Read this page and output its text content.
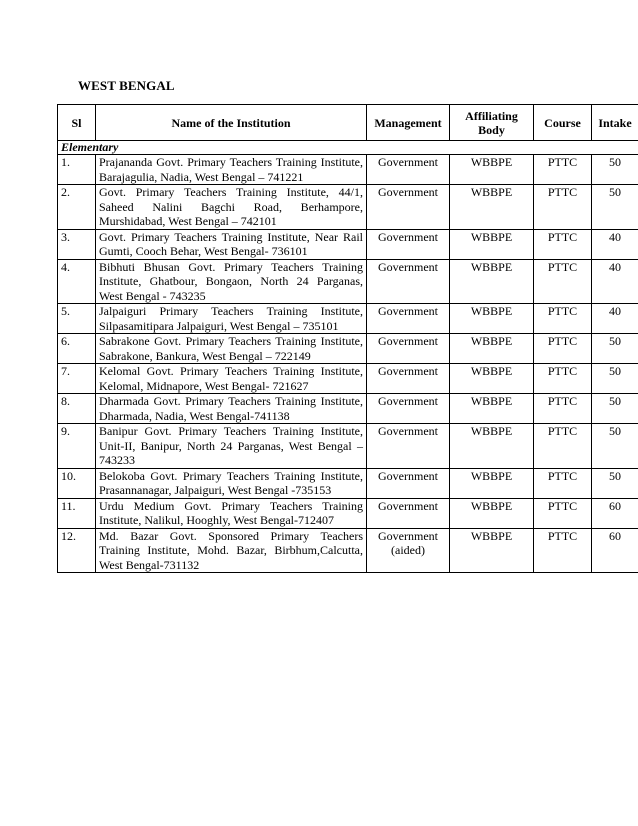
WEST BENGAL
Sl	Name of the Institution	Management	Affiliating Body	Course	Intake
Elementary					
1.	Prajananda Govt. Primary Teachers Training Institute, Barajagulia, Nadia, West Bengal – 741221	Government	WBBPE	PTTC	50
2.	Govt. Primary Teachers Training Institute, 44/1, Saheed Nalini Bagchi Road, Berhampore, Murshidabad, West Bengal – 742101	Government	WBBPE	PTTC	50
3.	Govt. Primary Teachers Training Institute, Near Rail Gumti, Cooch Behar, West Bengal- 736101	Government	WBBPE	PTTC	40
4.	Bibhuti Bhusan Govt. Primary Teachers Training Institute, Ghatbour, Bongaon, North 24 Parganas, West Bengal - 743235	Government	WBBPE	PTTC	40
5.	Jalpaiguri Primary Teachers Training Institute, Silpasamitipara Jalpaiguri, West Bengal – 735101	Government	WBBPE	PTTC	40
6.	Sabrakone Govt. Primary Teachers Training Institute, Sabrakone, Bankura, West Bengal – 722149	Government	WBBPE	PTTC	50
7.	Kelomal Govt. Primary Teachers Training Institute, Kelomal, Midnapore, West Bengal- 721627	Government	WBBPE	PTTC	50
8.	Dharmada Govt. Primary Teachers Training Institute, Dharmada, Nadia, West Bengal-741138	Government	WBBPE	PTTC	50
9.	Banipur Govt. Primary Teachers Training Institute, Unit-II, Banipur, North 24 Parganas, West Bengal – 743233	Government	WBBPE	PTTC	50
10.	Belokoba Govt. Primary Teachers Training Institute, Prasannanagar, Jalpaiguri, West Bengal -735153	Government	WBBPE	PTTC	50
11.	Urdu Medium Govt. Primary Teachers Training Institute, Nalikul, Hooghly, West Bengal-712407	Government	WBBPE	PTTC	60
12.	Md. Bazar Govt. Sponsored Primary Teachers Training Institute, Mohd. Bazar, Birbhum,Calcutta, West Bengal-731132	Government (aided)	WBBPE	PTTC	60
